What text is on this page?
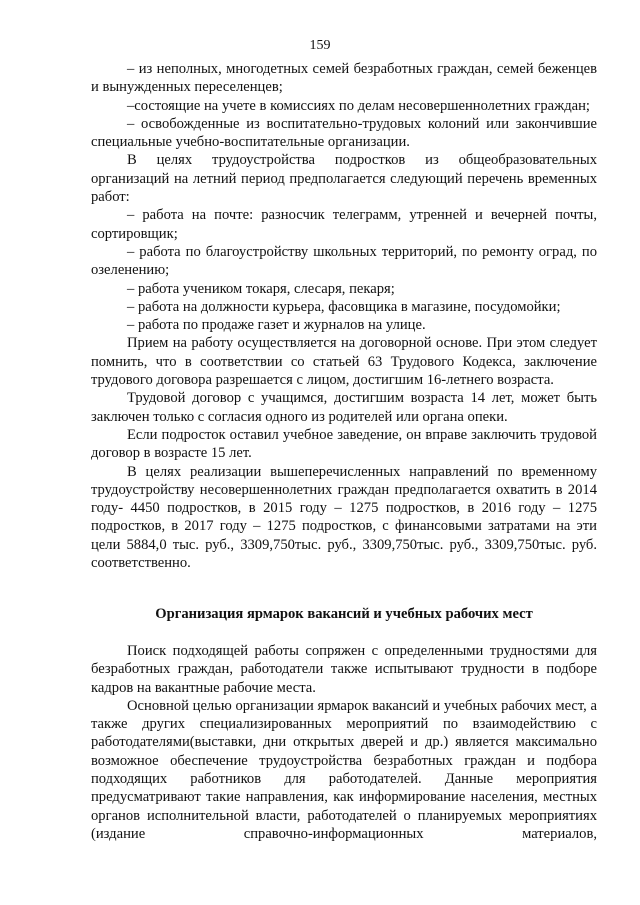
159

– из неполных, многодетных семей безработных граждан, семей беженцев и вынужденных переселенцев;

–состоящие на учете в комиссиях по делам несовершеннолетних граждан;

– освобожденные из воспитательно-трудовых колоний или закончившие специальные учебно-воспитательные организации.

В целях трудоустройства подростков из общеобразовательных организаций на летний период предполагается следующий перечень временных работ:

– работа на почте: разносчик телеграмм, утренней и вечерней почты, сортировщик;

– работа по благоустройству школьных территорий, по ремонту оград, по озеленению;

– работа учеником токаря, слесаря, пекаря;

– работа на должности курьера, фасовщика в магазине, посудомойки;

– работа по продаже газет и журналов на улице.

Прием на работу осуществляется на договорной основе. При этом следует помнить, что в соответствии со статьей 63 Трудового Кодекса, заключение трудового договора разрешается с лицом, достигшим 16-летнего возраста.

Трудовой договор с учащимся, достигшим возраста 14 лет, может быть заключен только с согласия одного из родителей или органа опеки.

Если подросток оставил учебное заведение, он вправе заключить трудовой договор в возрасте 15 лет.

В целях реализации вышеперечисленных направлений по временному трудоустройству несовершеннолетних граждан предполагается охватить в 2014 году- 4450 подростков, в 2015 году – 1275 подростков, в 2016 году – 1275 подростков, в 2017 году – 1275 подростков, с финансовыми затратами на эти цели 5884,0 тыс. руб., 3309,750тыс. руб., 3309,750тыс. руб., 3309,750тыс. руб. соответственно.

Организация ярмарок вакансий и учебных рабочих мест

Поиск подходящей работы сопряжен с определенными трудностями для безработных граждан, работодатели также испытывают трудности в подборе кадров на вакантные рабочие места.

Основной целью организации ярмарок вакансий и учебных рабочих мест, а также других специализированных мероприятий по взаимодействию с работодателями(выставки, дни открытых дверей и др.) является максимально возможное обеспечение трудоустройства безработных граждан и подбора подходящих работников для работодателей. Данные мероприятия предусматривают такие направления, как информирование населения, местных органов исполнительной власти, работодателей о планируемых мероприятиях (издание справочно-информационных материалов,
